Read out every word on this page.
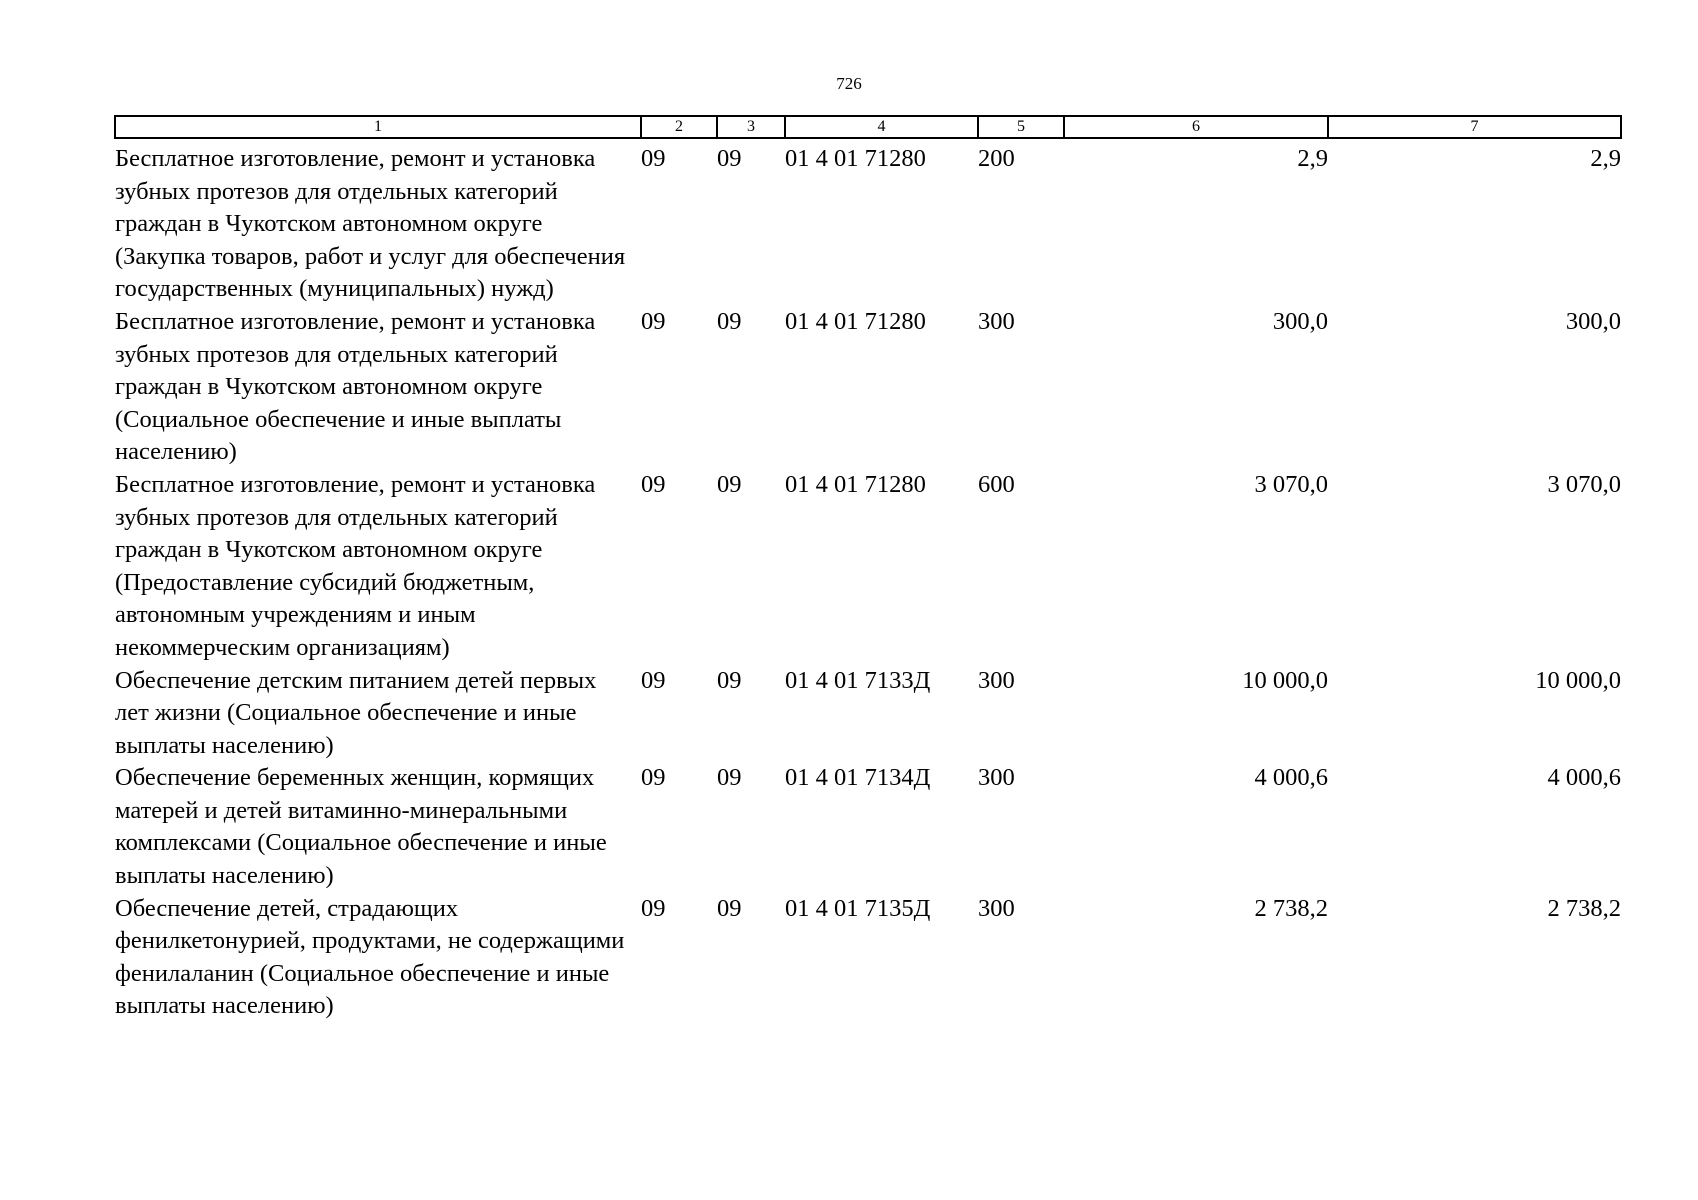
726
1	2	3	4	5	6	7
Бесплатное изготовление, ремонт и установка зубных протезов для отдельных категорий граждан в Чукотском автономном округе (Закупка товаров, работ и услуг для обеспечения государственных (муниципальных) нужд)	09	09	01 4 01 71280	200	2,9	2,9
Бесплатное изготовление, ремонт и установка зубных протезов для отдельных категорий граждан в Чукотском автономном округе (Социальное обеспечение и иные выплаты населению)	09	09	01 4 01 71280	300	300,0	300,0
Бесплатное изготовление, ремонт и установка зубных протезов для отдельных категорий граждан в Чукотском автономном округе (Предоставление субсидий бюджетным, автономным учреждениям и иным некоммерческим организациям)	09	09	01 4 01 71280	600	3 070,0	3 070,0
Обеспечение детским питанием детей первых лет жизни (Социальное обеспечение и иные выплаты населению)	09	09	01 4 01 7133Д	300	10 000,0	10 000,0
Обеспечение беременных женщин, кормящих матерей и детей витаминно-минеральными комплексами (Социальное обеспечение и иные выплаты населению)	09	09	01 4 01 7134Д	300	4 000,6	4 000,6
Обеспечение детей, страдающих фенилкетонурией, продуктами, не содержащими фенилаланин (Социальное обеспечение и иные выплаты населению)	09	09	01 4 01 7135Д	300	2 738,2	2 738,2
